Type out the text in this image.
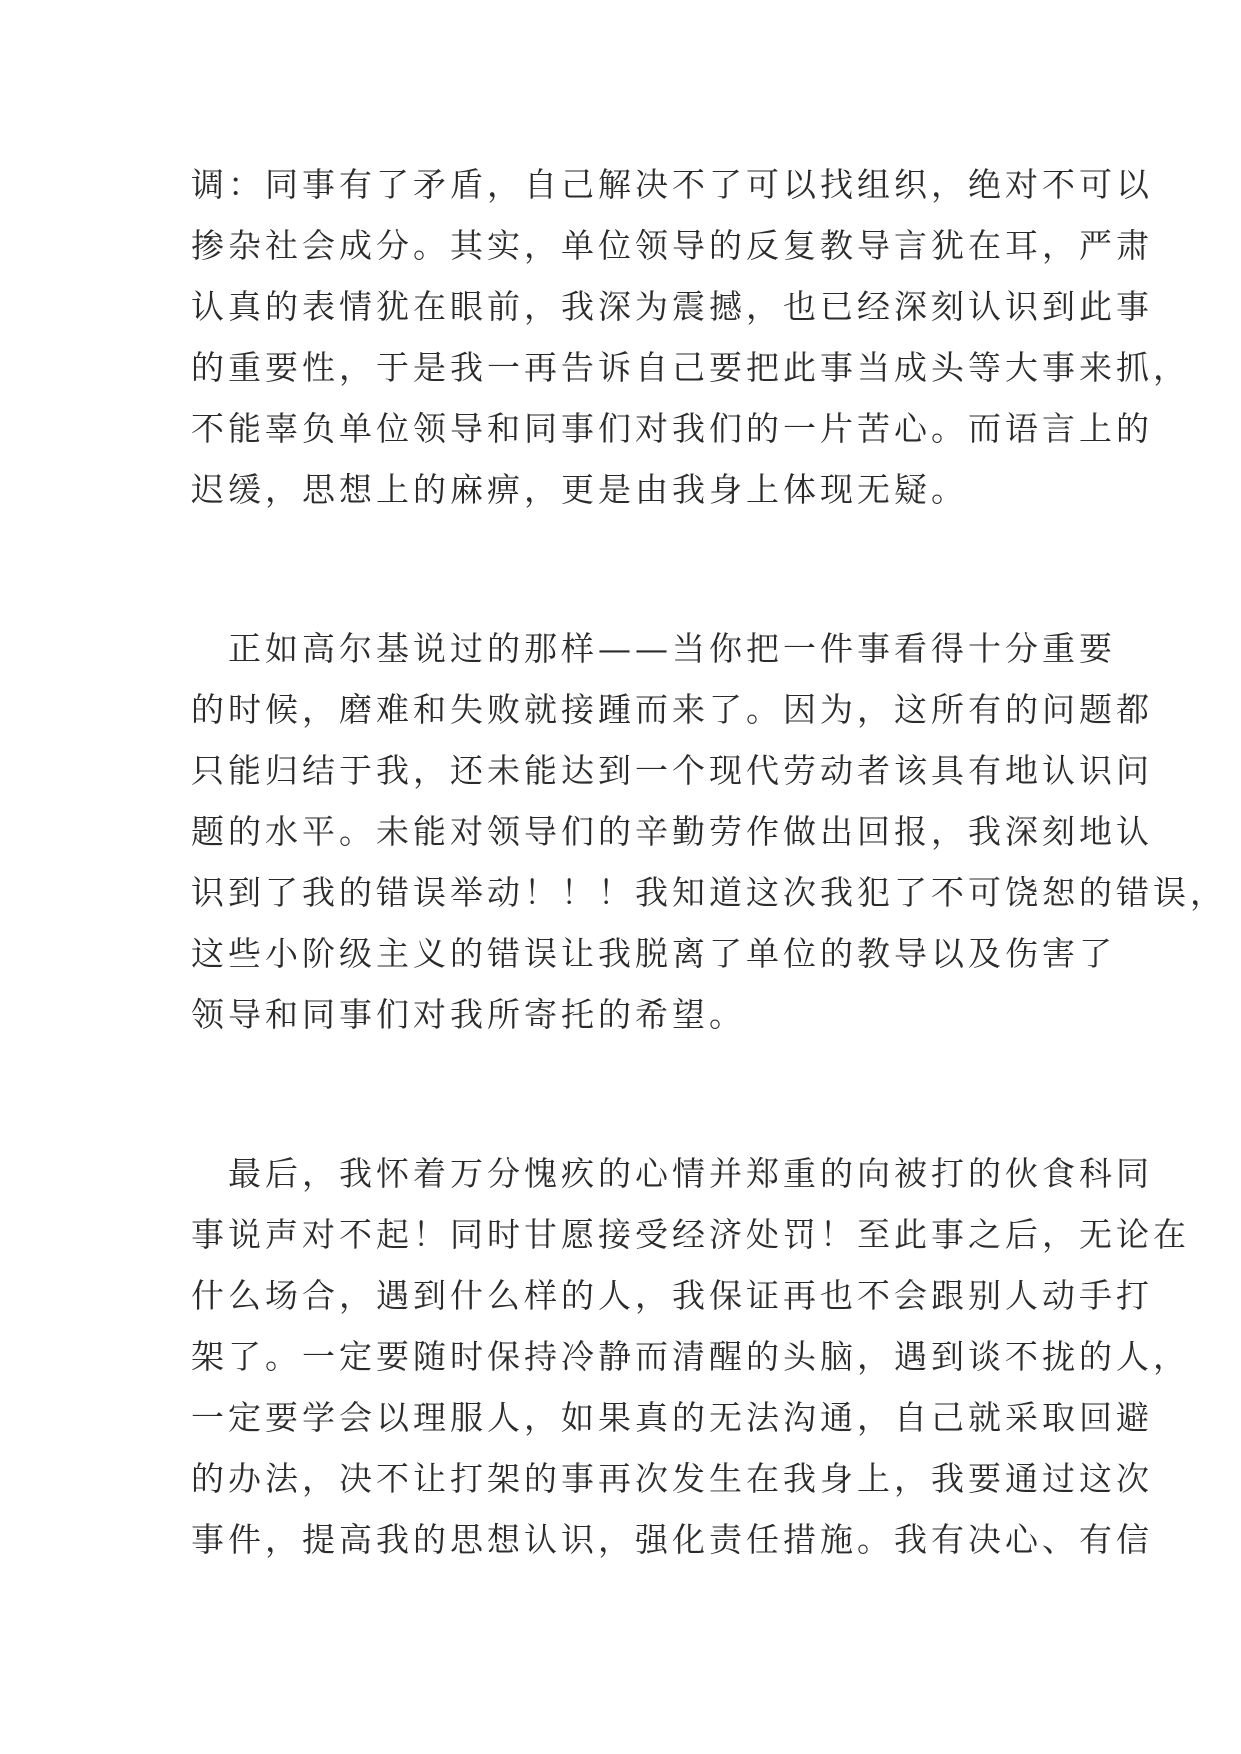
调：同事有了矛盾，自己解决不了可以找组织，绝对不可以
掺杂社会成分。其实，单位领导的反复教导言犹在耳，严肃
认真的表情犹在眼前，我深为震撼，也已经深刻认识到此事
的重要性，于是我一再告诉自己要把此事当成头等大事来抓，
不能辜负单位领导和同事们对我们的一片苦心。而语言上的
迟缓，思想上的麻痹，更是由我身上体现无疑。
　正如高尔基说过的那样——当你把一件事看得十分重要
的时候，磨难和失败就接踵而来了。因为，这所有的问题都
只能归结于我，还未能达到一个现代劳动者该具有地认识问
题的水平。未能对领导们的辛勤劳作做出回报，我深刻地认
识到了我的错误举动！！！我知道这次我犯了不可饶恕的错误，
这些小阶级主义的错误让我脱离了单位的教导以及伤害了
领导和同事们对我所寄托的希望。
　最后，我怀着万分愧疚的心情并郑重的向被打的伙食科同
事说声对不起！同时甘愿接受经济处罚！至此事之后，无论在
什么场合，遇到什么样的人，我保证再也不会跟别人动手打
架了。一定要随时保持冷静而清醒的头脑，遇到谈不拢的人，
一定要学会以理服人，如果真的无法沟通，自己就采取回避
的办法，决不让打架的事再次发生在我身上，我要通过这次
事件，提高我的思想认识，强化责任措施。我有决心、有信
